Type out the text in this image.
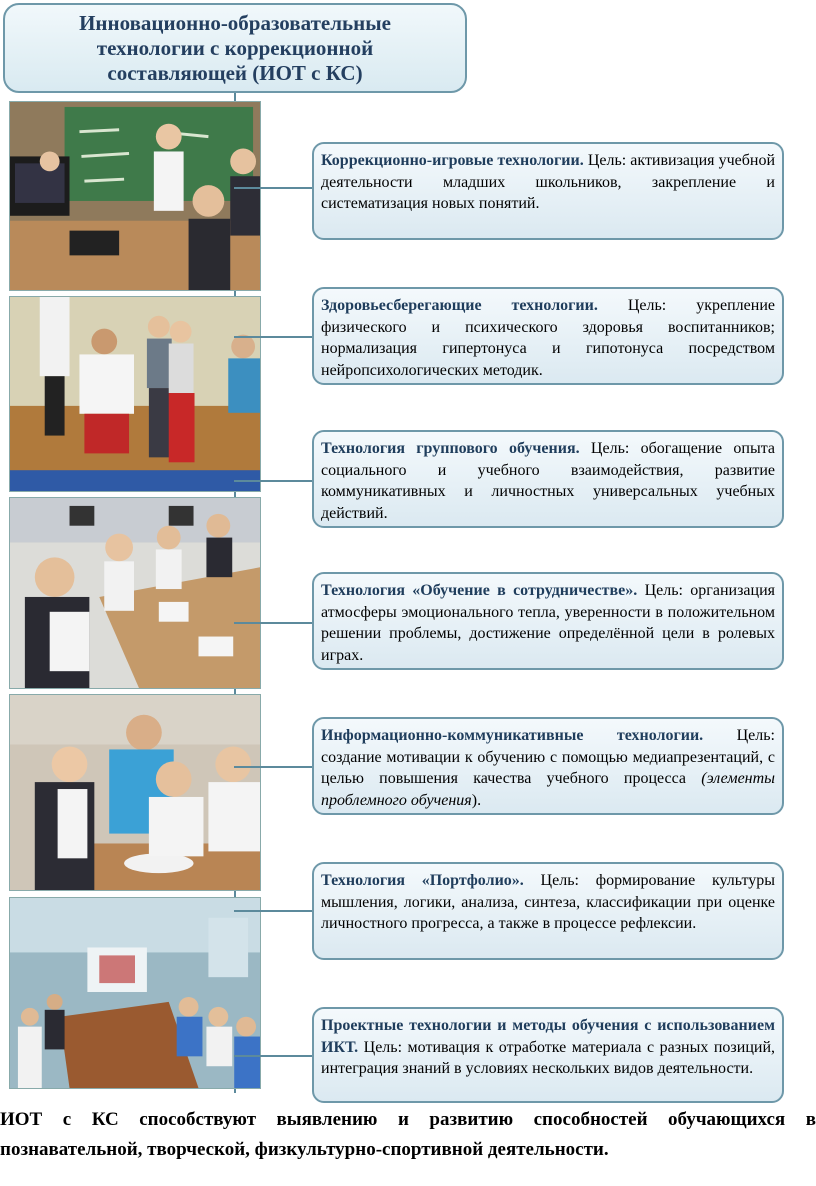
Инновационно-образовательные технологии с коррекционной составляющей (ИОТ с КС)
Коррекционно-игровые технологии. Цель: активизация учебной деятельности младших школьников, закрепление и систематизация новых понятий.
Здоровьесберегающие технологии. Цель: укрепление физического и психического здоровья воспитанников; нормализация гипертонуса и гипотонуса посредством нейропсихологических методик.
Технология группового обучения. Цель: обогащение опыта социального и учебного взаимодействия, развитие коммуникативных и личностных универсальных учебных действий.
Технология «Обучение в сотрудничестве». Цель: организация атмосферы эмоционального тепла, уверенности в положительном решении проблемы, достижение определённой цели в ролевых играх.
Информационно-коммуникативные технологии. Цель: создание мотивации к обучению с помощью медиапрезентаций, с целью повышения качества учебного процесса (элементы проблемного обучения).
Технология «Портфолио». Цель: формирование культуры мышления, логики, анализа, синтеза, классификации при оценке личностного прогресса, а также в процессе рефлексии.
Проектные технологии и методы обучения с использованием ИКТ. Цель: мотивация к отработке материала с разных позиций, интеграция знаний в условиях нескольких видов деятельности.
ИОТ с КС способствуют выявлению и развитию способностей обучающихся в познавательной, творческой, физкультурно-спортивной деятельности.
